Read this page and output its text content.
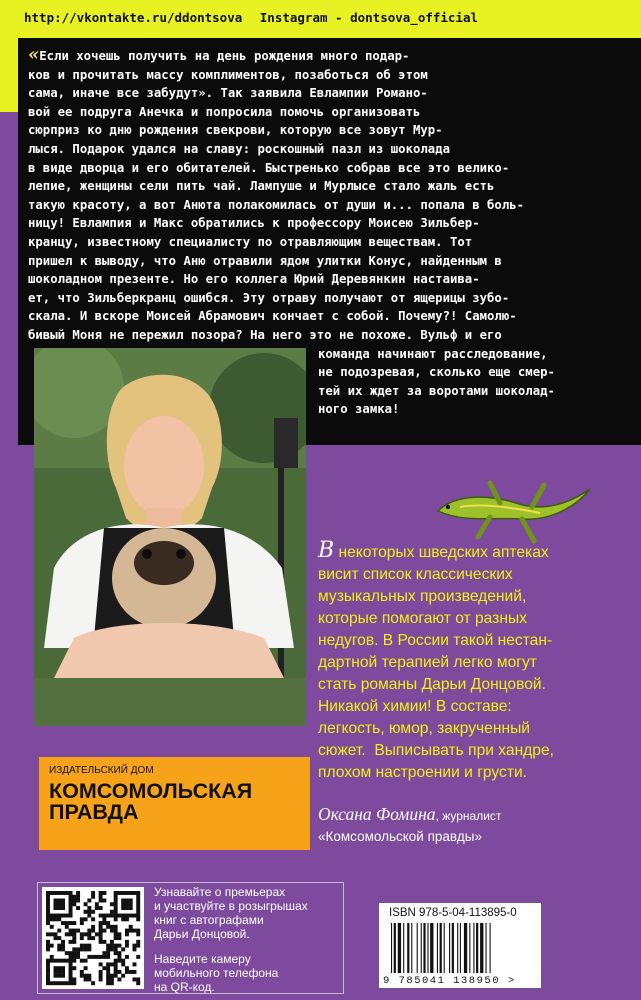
http://vkontakte.ru/ddontsova Instagram - dontsova_official
«Если хочешь получить на день рождения много подар-
ков и прочитать массу комплиментов, позаботься об этом
сама, иначе все забудут». Так заявила Евлампии Романо-
вой ее подруга Анечка и попросила помочь организовать
сюрприз ко дню рождения свекрови, которую все зовут Мур-
лыся. Подарок удался на славу: роскошный пазл из шоколада
в виде дворца и его обитателей. Быстренько собрав все это велико-
лепие, женщины сели пить чай. Лампуше и Мурлысе стало жаль есть
такую красоту, а вот Анюта полакомилась от души и... попала в боль-
ницу! Евлампия и Макс обратились к профессору Моисею Зильбер-
кранцу, известному специалисту по отравляющим веществам. Тот
пришел к выводу, что Аню отравили ядом улитки Конус, найденным в
шоколадном презенте. Но его коллега Юрий Деревянкин настаива-
ет, что Зильберкранц ошибся. Эту отраву получают от ящерицы зубо-
скала. И вскоре Моисей Абрамович кончает с собой. Почему?! Самолю-
бивый Моня не пережил позора? На него это не похоже. Вульф и его
команда начинают расследование,
не подозревая, сколько еще смер-
тей их ждет за воротами шоколад-
ного замка!
В некоторых шведских аптеках
висит список классических
музыкальных произведений,
которые помогают от разных
недугов. В России такой нестан-
дартной терапией легко могут
стать романы Дарьи Донцовой.
Никакой химии! В составе:
легкость, юмор, закрученный
сюжет.  Выписывать при хандре,
плохом настроении и грусти.
Оксана Фомина, журналист
«Комсомольской правды»
ИЗДАТЕЛЬСКИЙ ДОМ

КОМСОМОЛЬСКАЯ
ПРАВДА

Узнавайте о премьерах
и участвуйте в розыгрышах
книг с автографами
Дарьи Донцовой.
Наведите камеру
мобильного телефона
на QR-код.
ISBN 978-5-04-113895-0
9 785041 138950 >
